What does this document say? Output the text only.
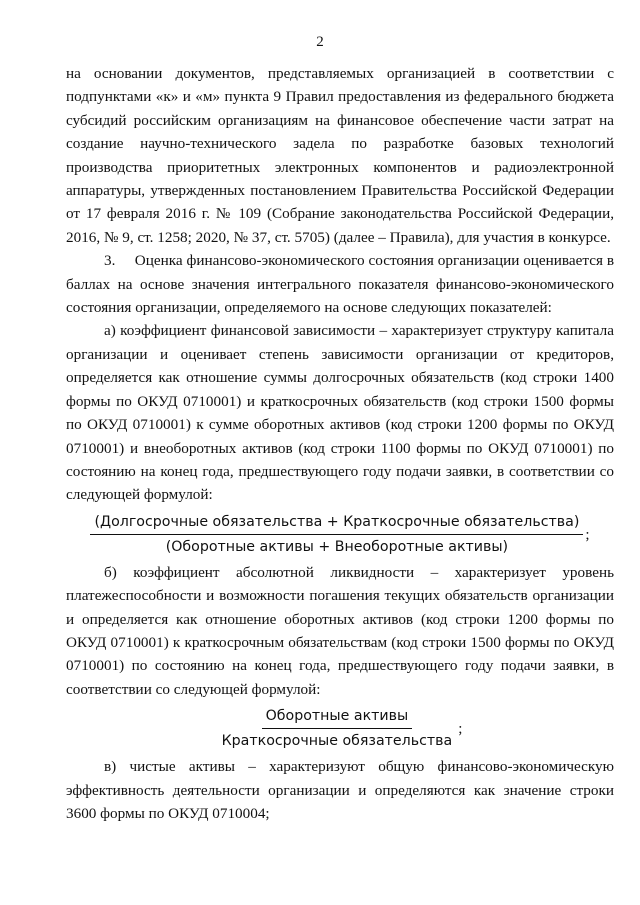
2

на основании документов, представляемых организацией в соответствии с подпунктами «к» и «м» пункта 9 Правил предоставления из федерального бюджета субсидий российским организациям на финансовое обеспечение части затрат на создание научно-технического задела по разработке базовых технологий производства приоритетных электронных компонентов и радиоэлектронной аппаратуры, утвержденных постановлением Правительства Российской Федерации от 17 февраля 2016 г. № 109 (Собрание законодательства Российской Федерации, 2016, № 9, ст. 1258; 2020, № 37, ст. 5705) (далее – Правила), для участия в конкурсе.

3.     Оценка финансово-экономического состояния организации оценивается в баллах на основе значения интегрального показателя финансово-экономического состояния организации, определяемого на основе следующих показателей:

а) коэффициент финансовой зависимости – характеризует структуру капитала организации и оценивает степень зависимости организации от кредиторов, определяется как отношение суммы долгосрочных обязательств (код строки 1400 формы по ОКУД 0710001) и краткосрочных обязательств (код строки 1500 формы по ОКУД 0710001) к сумме оборотных активов (код строки 1200 формы по ОКУД 0710001) и внеоборотных активов (код строки 1100 формы по ОКУД 0710001) по состоянию на конец года, предшествующего году подачи заявки, в соответствии со следующей формулой:

$\frac{\text{(Долгосрочные обязательства + Краткосрочные обязательства)}}{\text{(Оборотные активы + Внеоборотные активы)}}$ ;

б) коэффициент абсолютной ликвидности – характеризует уровень платежеспособности и возможности погашения текущих обязательств организации и определяется как отношение оборотных активов (код строки 1200 формы по ОКУД 0710001) к краткосрочным обязательствам (код строки 1500 формы по ОКУД 0710001) по состоянию на конец года, предшествующего году подачи заявки, в соответствии со следующей формулой:

$\frac{\text{Оборотные активы}}{\text{Краткосрочные обязательства}}$ ;

в) чистые активы – характеризуют общую финансово-экономическую эффективность деятельности организации и определяются как значение строки 3600 формы по ОКУД 0710004;
